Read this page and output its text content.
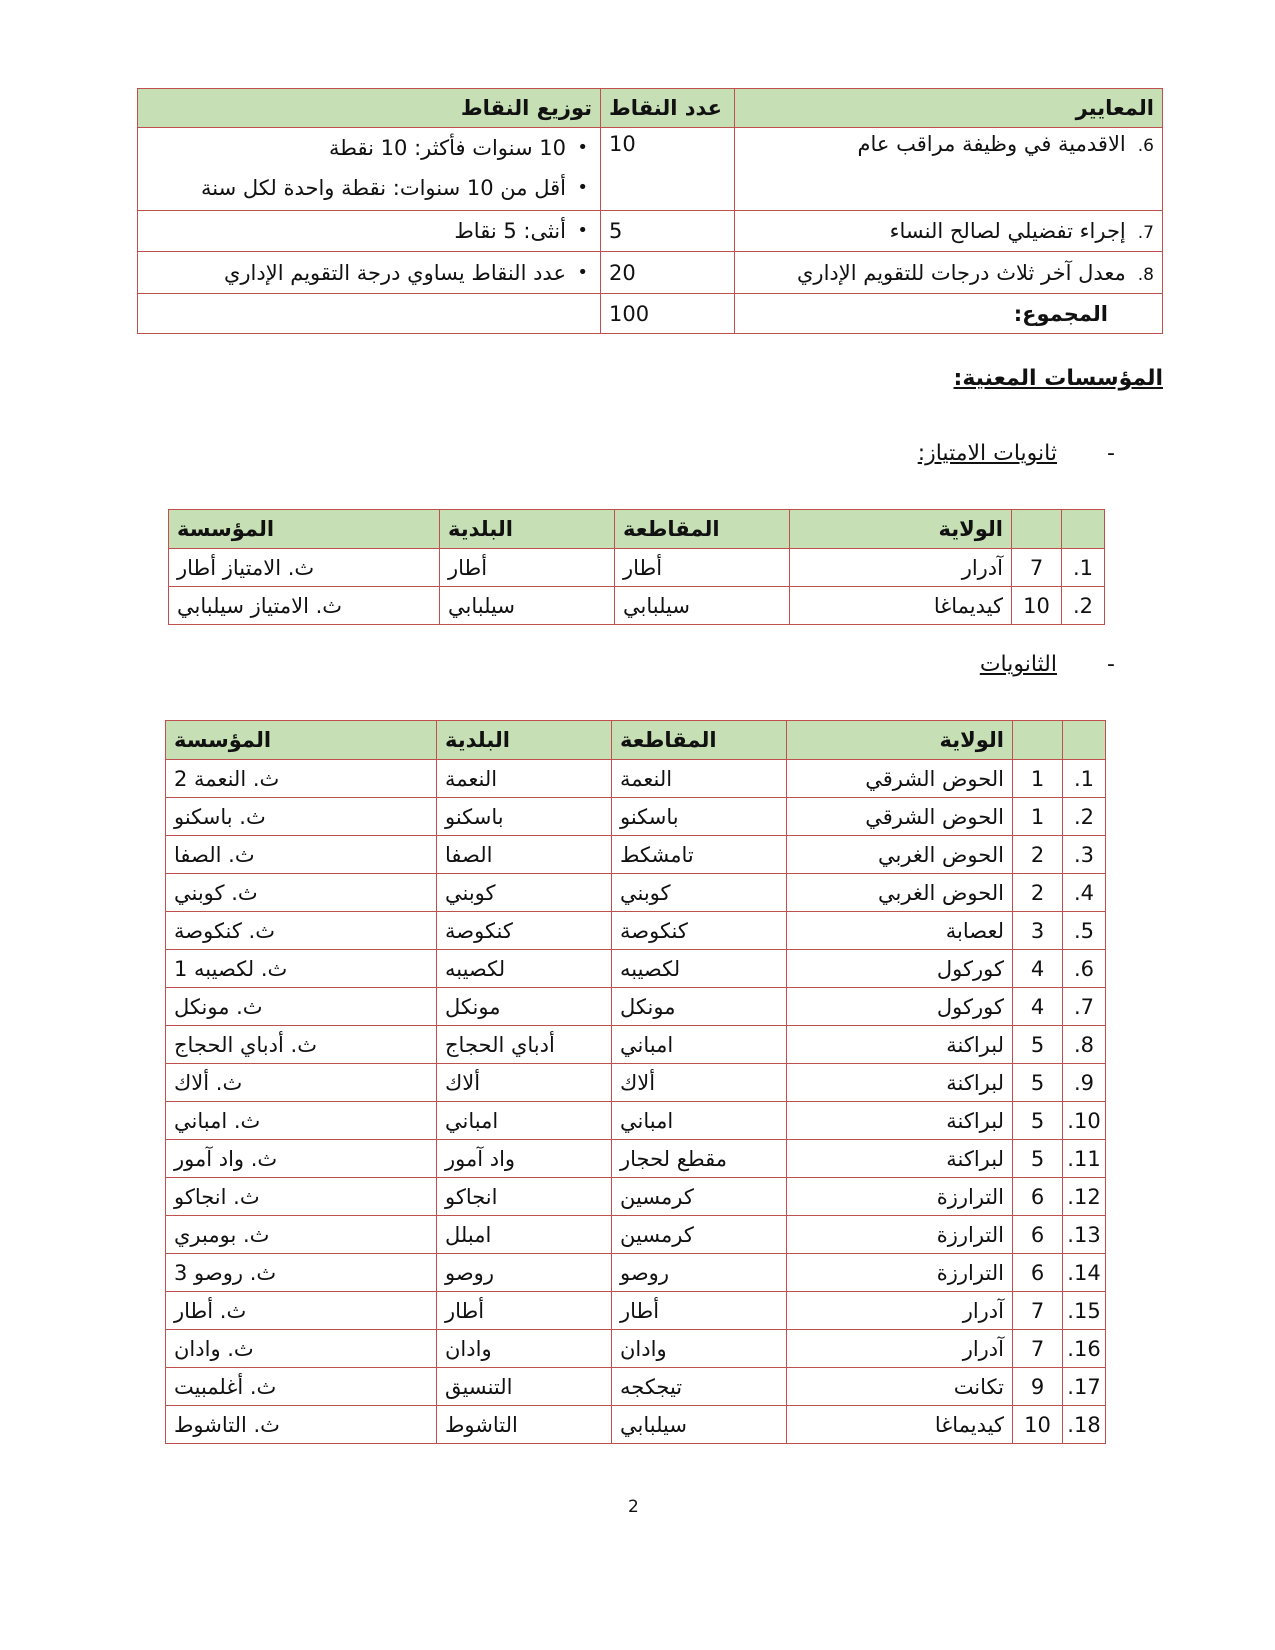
المعايير	عدد النقاط	توزيع النقاط
6.الاقدمية في وظيفة مراقب عام	10	• 10 سنوات فأكثر: 10 نقطة
• أقل من 10 سنوات: نقطة واحدة لكل سنة

7.إجراء تفضيلي لصالح النساء	5	• أنثى: 5 نقاط

8.معدل آخر ثلاث درجات للتقويم الإداري	20	• عدد النقاط يساوي درجة التقويم الإداري

المجموع:	100	
المؤسسات المعنية:
-
ثانويات الامتياز:
		الولاية	المقاطعة	البلدية	المؤسسة
1.	7	آدرار	أطار	أطار	ث. الامتياز أطار
2.	10	كيديماغا	سيلبابي	سيلبابي	ث. الامتياز سيلبابي
-
الثانويات
		الولاية	المقاطعة	البلدية	المؤسسة
1.	1	الحوض الشرقي	النعمة	النعمة	ث. النعمة 2
2.	1	الحوض الشرقي	باسكنو	باسكنو	ث. باسكنو
3.	2	الحوض الغربي	تامشكط	الصفا	ث. الصفا
4.	2	الحوض الغربي	كوبني	كوبني	ث. كوبني
5.	3	لعصابة	كنكوصة	كنكوصة	ث. كنكوصة
6.	4	كوركول	لكصيبه	لكصيبه	ث. لكصيبه 1
7.	4	كوركول	مونكل	مونكل	ث. مونكل
8.	5	لبراكنة	امباني	أدباي الحجاج	ث. أدباي الحجاج
9.	5	لبراكنة	ألاك	ألاك	ث. ألاك
10.	5	لبراكنة	امباني	امباني	ث. امباني
11.	5	لبراكنة	مقطع لحجار	واد آمور	ث. واد آمور
12.	6	الترارزة	كرمسين	انجاكو	ث. انجاكو
13.	6	الترارزة	كرمسين	امبلل	ث. بومبري
14.	6	الترارزة	روصو	روصو	ث. روصو 3
15.	7	آدرار	أطار	أطار	ث. أطار
16.	7	آدرار	وادان	وادان	ث. وادان
17.	9	تكانت	تيجكجه	التنسيق	ث. أغلمبيت
18.	10	كيديماغا	سيلبابي	التاشوط	ث. التاشوط
2
